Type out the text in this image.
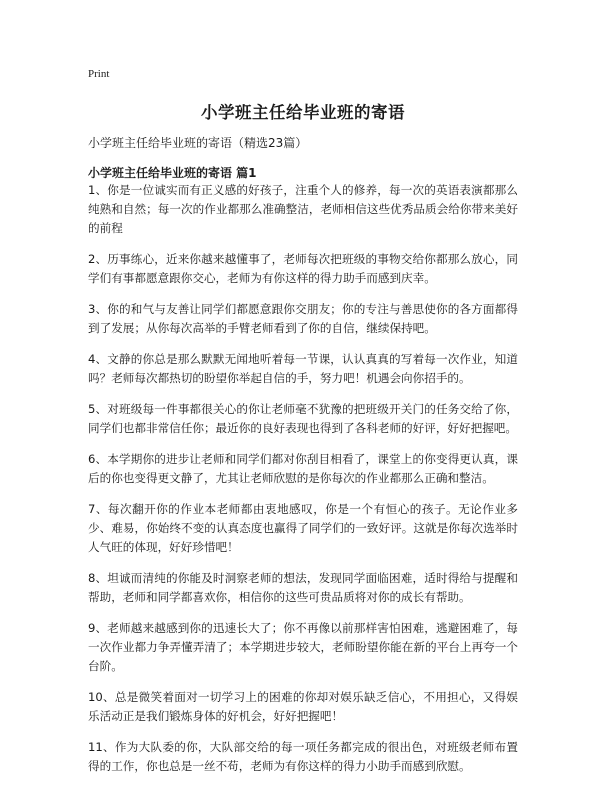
Print
小学班主任给毕业班的寄语
小学班主任给毕业班的寄语（精选23篇）
小学班主任给毕业班的寄语 篇1

1、你是一位诚实而有正义感的好孩子，注重个人的修养，每一次的英语表演都那么纯熟和自然；每一次的作业都那么准确整洁，老师相信这些优秀品质会给你带来美好的前程

2、历事练心，近来你越来越懂事了，老师每次把班级的事物交给你都那么放心，同学们有事都愿意跟你交心，老师为有你这样的得力助手而感到庆幸。

3、你的和气与友善让同学们都愿意跟你交朋友；你的专注与善思使你的各方面都得到了发展；从你每次高举的手臂老师看到了你的自信，继续保持吧。

4、文静的你总是那么默默无闻地听着每一节课，认认真真的写着每一次作业，知道吗？老师每次都热切的盼望你举起自信的手，努力吧！机遇会向你招手的。

5、对班级每一件事都很关心的你让老师毫不犹豫的把班级开关门的任务交给了你，同学们也都非常信任你；最近你的良好表现也得到了各科老师的好评，好好把握吧。

6、本学期你的进步让老师和同学们都对你刮目相看了，课堂上的你变得更认真，课后的你也变得更文静了，尤其让老师欣慰的是你每次的作业都那么正确和整洁。

7、每次翻开你的作业本老师都由衷地感叹，你是一个有恒心的孩子。无论作业多少、难易，你始终不变的认真态度也赢得了同学们的一致好评。这就是你每次选举时人气旺的体现，好好珍惜吧！

8、坦诚而清纯的你能及时洞察老师的想法，发现同学面临困难，适时得给与提醒和帮助，老师和同学都喜欢你，相信你的这些可贵品质将对你的成长有帮助。

9、老师越来越感到你的迅速长大了；你不再像以前那样害怕困难，逃避困难了，每一次作业都力争弄懂弄清了；本学期进步较大，老师盼望你能在新的平台上再夸一个台阶。

10、总是微笑着面对一切学习上的困难的你却对娱乐缺乏信心，不用担心，又得娱乐活动正是我们锻炼身体的好机会，好好把握吧！

11、作为大队委的你，大队部交给的每一项任务都完成的很出色，对班级老师布置得的工作，你也总是一丝不苟，老师为有你这样的得力小助手而感到欣慰。
